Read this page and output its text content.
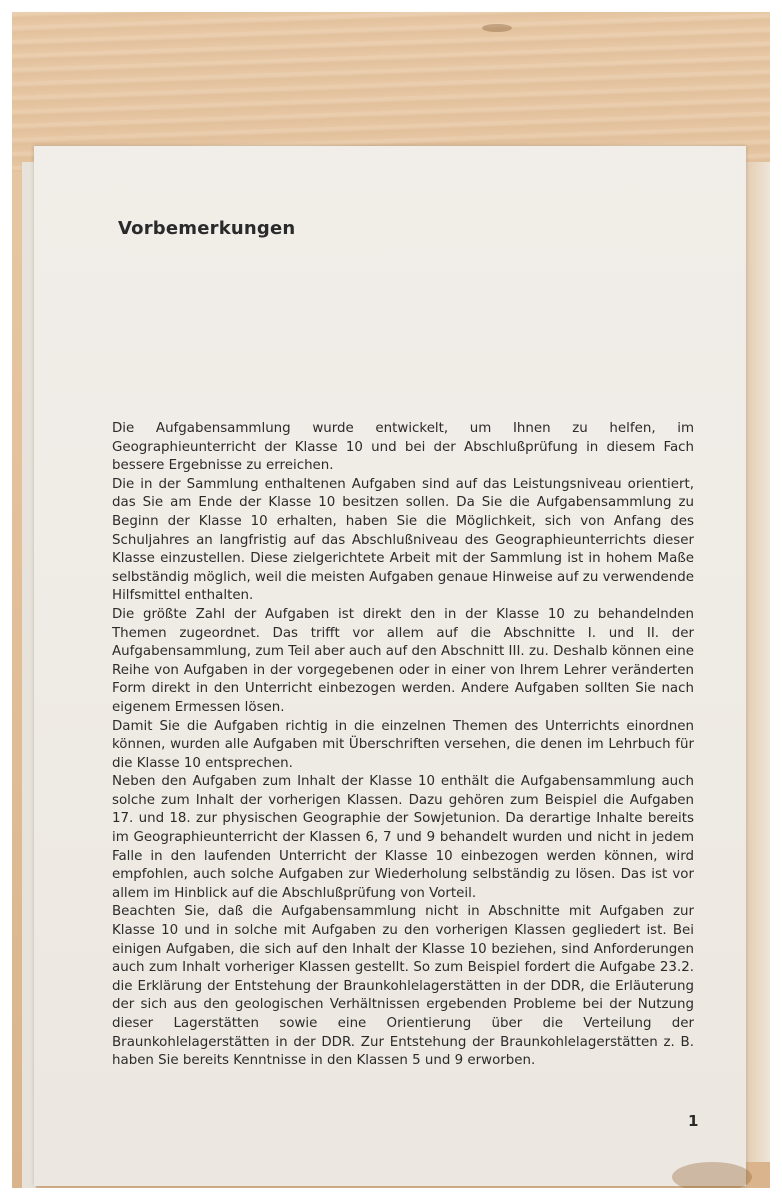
Vorbemerkungen

Die Aufgabensammlung wurde entwickelt, um Ihnen zu helfen, im Geographieunterricht der Klasse 10 und bei der Abschlußprüfung in diesem Fach bessere Ergebnisse zu erreichen.

Die in der Sammlung enthaltenen Aufgaben sind auf das Leistungsniveau orientiert, das Sie am Ende der Klasse 10 besitzen sollen. Da Sie die Aufgabensammlung zu Beginn der Klasse 10 erhalten, haben Sie die Möglichkeit, sich von Anfang des Schuljahres an langfristig auf das Abschlußniveau des Geographieunterrichts dieser Klasse einzustellen. Diese zielgerichtete Arbeit mit der Sammlung ist in hohem Maße selbständig möglich, weil die meisten Aufgaben genaue Hinweise auf zu verwendende Hilfsmittel enthalten.

Die größte Zahl der Aufgaben ist direkt den in der Klasse 10 zu behandelnden Themen zugeordnet. Das trifft vor allem auf die Abschnitte I. und II. der Aufgabensammlung, zum Teil aber auch auf den Abschnitt III. zu. Deshalb können eine Reihe von Aufgaben in der vorgegebenen oder in einer von Ihrem Lehrer veränderten Form direkt in den Unterricht einbezogen werden. Andere Aufgaben sollten Sie nach eigenem Ermessen lösen.

Damit Sie die Aufgaben richtig in die einzelnen Themen des Unterrichts einordnen können, wurden alle Aufgaben mit Überschriften versehen, die denen im Lehrbuch für die Klasse 10 entsprechen.

Neben den Aufgaben zum Inhalt der Klasse 10 enthält die Aufgabensammlung auch solche zum Inhalt der vorherigen Klassen. Dazu gehören zum Beispiel die Aufgaben 17. und 18. zur physischen Geographie der Sowjetunion. Da derartige Inhalte bereits im Geographieunterricht der Klassen 6, 7 und 9 behandelt wurden und nicht in jedem Falle in den laufenden Unterricht der Klasse 10 einbezogen werden können, wird empfohlen, auch solche Aufgaben zur Wiederholung selbständig zu lösen. Das ist vor allem im Hinblick auf die Abschlußprüfung von Vorteil.

Beachten Sie, daß die Aufgabensammlung nicht in Abschnitte mit Aufgaben zur Klasse 10 und in solche mit Aufgaben zu den vorherigen Klassen gegliedert ist. Bei einigen Aufgaben, die sich auf den Inhalt der Klasse 10 beziehen, sind Anforderungen auch zum Inhalt vorheriger Klassen gestellt. So zum Beispiel fordert die Aufgabe 23.2. die Erklärung der Entstehung der Braunkohlelagerstätten in der DDR, die Erläuterung der sich aus den geologischen Verhältnissen ergebenden Probleme bei der Nutzung dieser Lagerstätten sowie eine Orientierung über die Verteilung der Braunkohlelagerstätten in der DDR. Zur Entstehung der Braunkohlelagerstätten z. B. haben Sie bereits Kenntnisse in den Klassen 5 und 9 erworben.

1
